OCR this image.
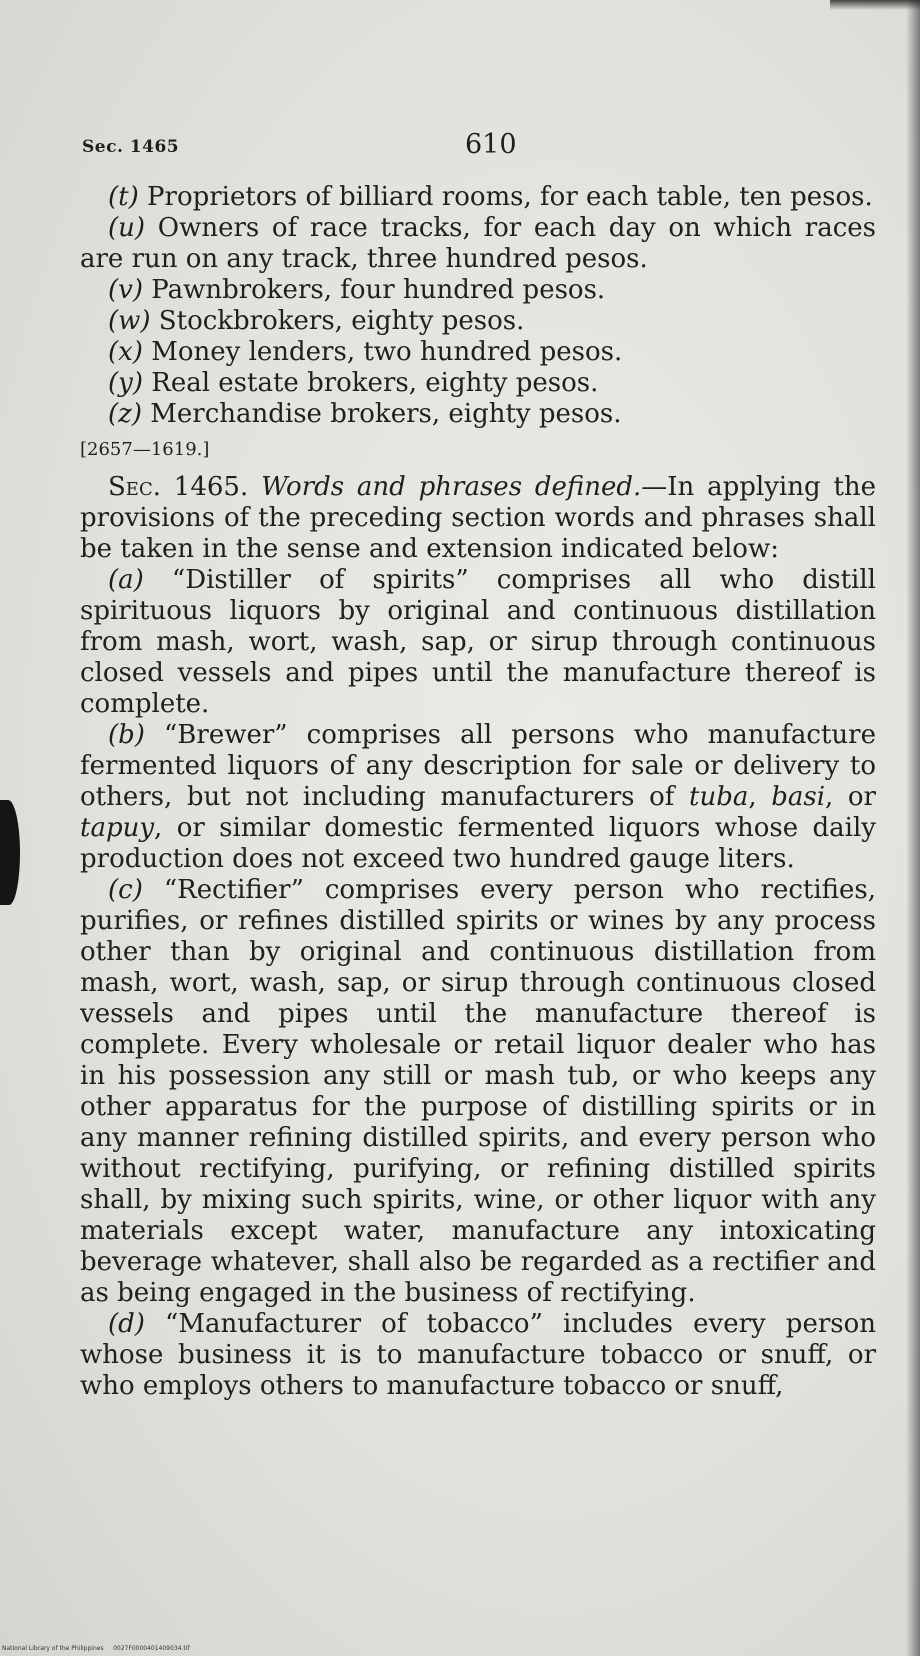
Sec. 1465	610

(t) Proprietors of billiard rooms, for each table, ten pesos.

(u) Owners of race tracks, for each day on which races are run on any track, three hundred pesos.

(v) Pawnbrokers, four hundred pesos.

(w) Stockbrokers, eighty pesos.

(x) Money lenders, two hundred pesos.

(y) Real estate brokers, eighty pesos.

(z) Merchandise brokers, eighty pesos.

[2657—1619.]

Sec. 1465. Words and phrases defined.—In applying the provisions of the preceding section words and phrases shall be taken in the sense and extension indicated below:

(a) “Distiller of spirits” comprises all who distill spirituous liquors by original and continuous distillation from mash, wort, wash, sap, or sirup through continuous closed vessels and pipes until the manufacture thereof is complete.

(b) “Brewer” comprises all persons who manufacture fermented liquors of any description for sale or delivery to others, but not including manufacturers of tuba, basi, or tapuy, or similar domestic fermented liquors whose daily production does not exceed two hundred gauge liters.

(c) “Rectifier” comprises every person who rectifies, purifies, or refines distilled spirits or wines by any process other than by original and continuous distillation from mash, wort, wash, sap, or sirup through continuous closed vessels and pipes until the manufacture thereof is complete. Every wholesale or retail liquor dealer who has in his possession any still or mash tub, or who keeps any other apparatus for the purpose of distilling spirits or in any manner refining distilled spirits, and every person who without rectifying, purifying, or refining distilled spirits shall, by mixing such spirits, wine, or other liquor with any materials except water, manufacture any intoxicating beverage whatever, shall also be regarded as a rectifier and as being engaged in the business of rectifying.

(d) “Manufacturer of tobacco” includes every person whose business it is to manufacture tobacco or snuff, or who employs others to manufacture tobacco or snuff,

National Library of the Philippines     0027F0000401409034.tif
